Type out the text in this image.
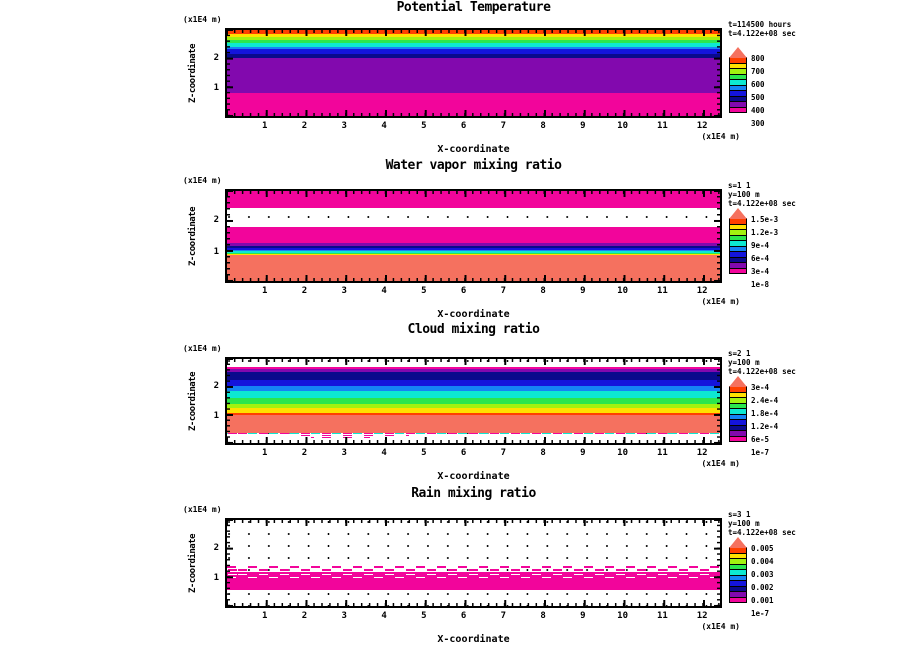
Potential Temperature
(x1E4 m)
Z-coordinate	2
1
1	2	3	4	5	6	7	8	9	10	11	12
(x1E4 m)
X-coordinate
t=114500 hours
t=4.122e+08 sec
800
700
600
500
400
300
Water vapor mixing ratio
(x1E4 m)
Z-coordinate	2
1
1	2	3	4	5	6	7	8	9	10	11	12
(x1E4 m)
X-coordinate
s=1 1
y=100 m
t=4.122e+08 sec
1.5e-3
1.2e-3
9e-4
6e-4
3e-4
1e-8
Cloud mixing ratio
(x1E4 m)
Z-coordinate	2
1
1	2	3	4	5	6	7	8	9	10	11	12
(x1E4 m)
X-coordinate
s=2 1
y=100 m
t=4.122e+08 sec
3e-4
2.4e-4
1.8e-4
1.2e-4
6e-5
1e-7
Rain mixing ratio
(x1E4 m)
Z-coordinate	2
1
1	2	3	4	5	6	7	8	9	10	11	12
(x1E4 m)
X-coordinate
s=3 1
y=100 m
t=4.122e+08 sec
0.005
0.004
0.003
0.002
0.001
1e-7
